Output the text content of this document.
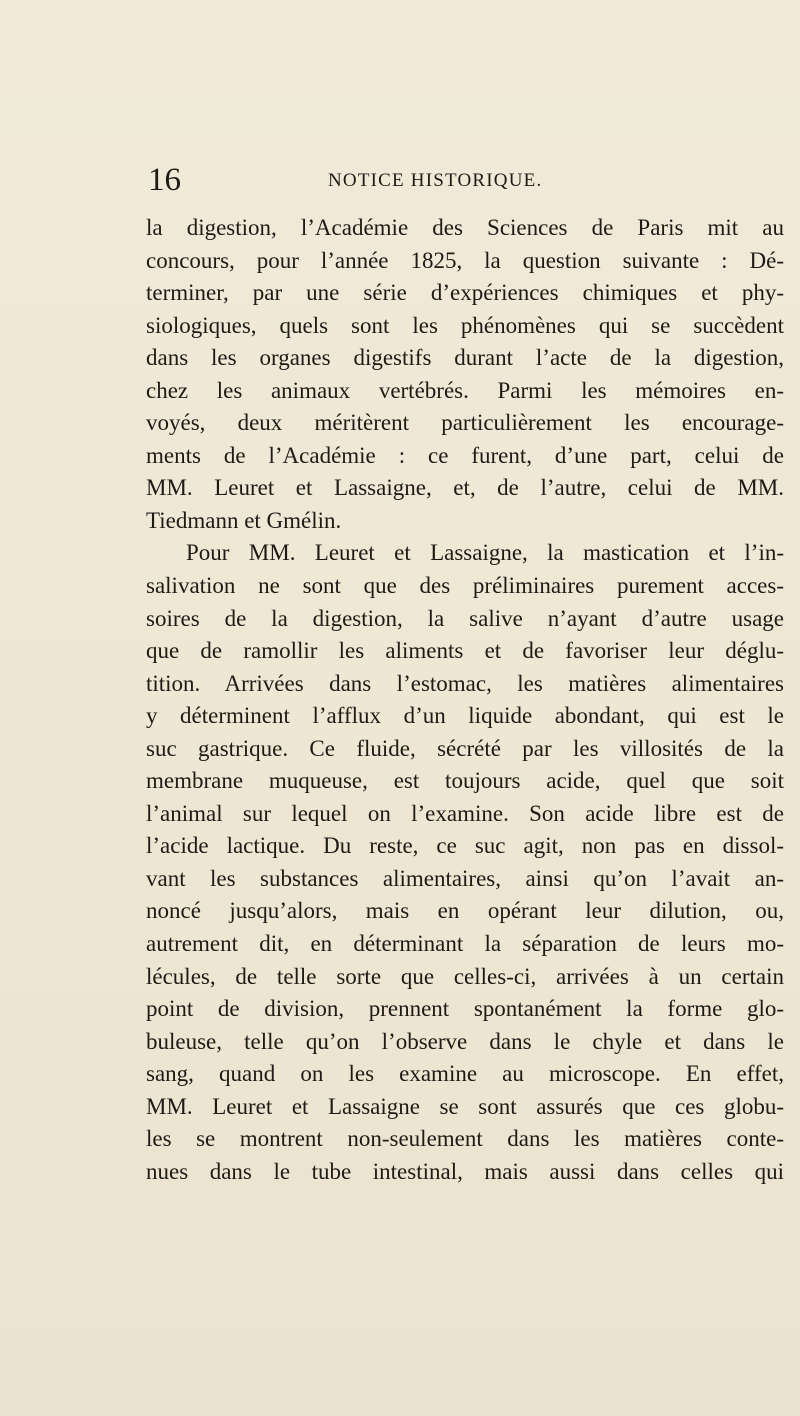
16	NOTICE HISTORIQUE.
la digestion, l’Académie des Sciences de Paris mit au
concours, pour l’année 1825, la question suivante : Dé-
terminer, par une série d’expériences chimiques et phy-
siologiques, quels sont les phénomènes qui se succèdent
dans les organes digestifs durant l’acte de la digestion,
chez les animaux vertébrés. Parmi les mémoires en-
voyés, deux méritèrent particulièrement les encourage-
ments de l’Académie : ce furent, d’une part, celui de
MM. Leuret et Lassaigne, et, de l’autre, celui de MM.
Tiedmann et Gmélin.
Pour MM. Leuret et Lassaigne, la mastication et l’in-
salivation ne sont que des préliminaires purement acces-
soires de la digestion, la salive n’ayant d’autre usage
que de ramollir les aliments et de favoriser leur déglu-
tition. Arrivées dans l’estomac, les matières alimentaires
y déterminent l’afflux d’un liquide abondant, qui est le
suc gastrique. Ce fluide, sécrété par les villosités de la
membrane muqueuse, est toujours acide, quel que soit
l’animal sur lequel on l’examine. Son acide libre est de
l’acide lactique. Du reste, ce suc agit, non pas en dissol-
vant les substances alimentaires, ainsi qu’on l’avait an-
noncé jusqu’alors, mais en opérant leur dilution, ou,
autrement dit, en déterminant la séparation de leurs mo-
lécules, de telle sorte que celles-ci, arrivées à un certain
point de division, prennent spontanément la forme glo-
buleuse, telle qu’on l’observe dans le chyle et dans le
sang, quand on les examine au microscope. En effet,
MM. Leuret et Lassaigne se sont assurés que ces globu-
les se montrent non-seulement dans les matières conte-
nues dans le tube intestinal, mais aussi dans celles qui
